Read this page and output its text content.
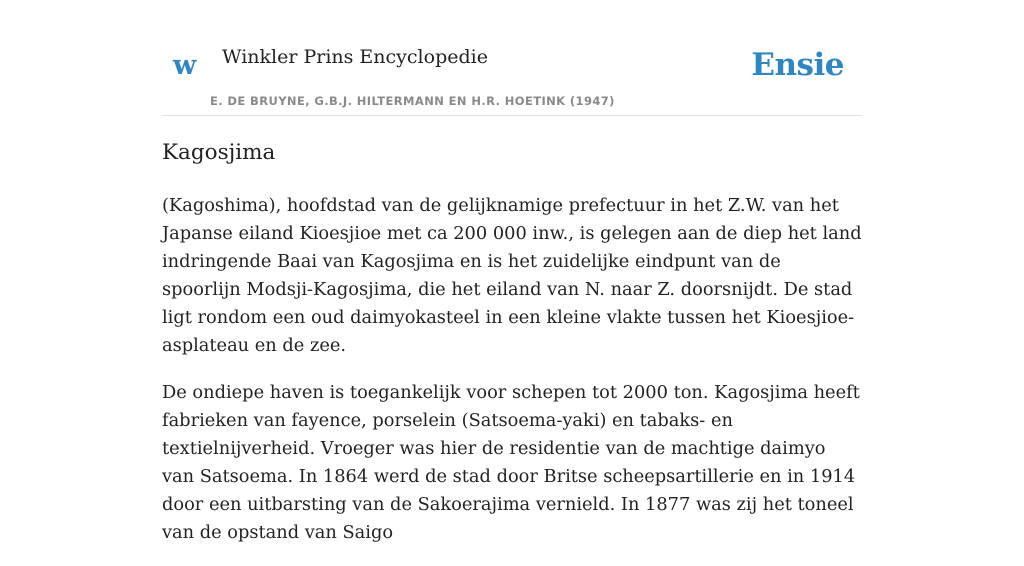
w Winkler Prins Encyclopedie
E. DE BRUYNE, G.B.J. HILTERMANN EN H.R. HOETINK (1947)
Ensie
Kagosjima

(Kagoshima), hoofdstad van de gelijknamige prefectuur in het Z.W. van het Japanse eiland Kioesjioe met ca 200 000 inw., is gelegen aan de diep het land indringende Baai van Kagosjima en is het zuidelijke eindpunt van de spoorlijn Modsji-Kagosjima, die het eiland van N. naar Z. doorsnijdt. De stad ligt rondom een oud daimyokasteel in een kleine vlakte tussen het Kioesjioe-asplateau en de zee.

De ondiepe haven is toegankelijk voor schepen tot 2000 ton. Kagosjima heeft fabrieken van fayence, porselein (Satsoema-yaki) en tabaks- en textielnijverheid. Vroeger was hier de residentie van de machtige daimyo van Satsoema. In 1864 werd de stad door Britse scheepsartillerie en in 1914 door een uitbarsting van de Sakoerajima vernield. In 1877 was zij het toneel van de opstand van Saigo
